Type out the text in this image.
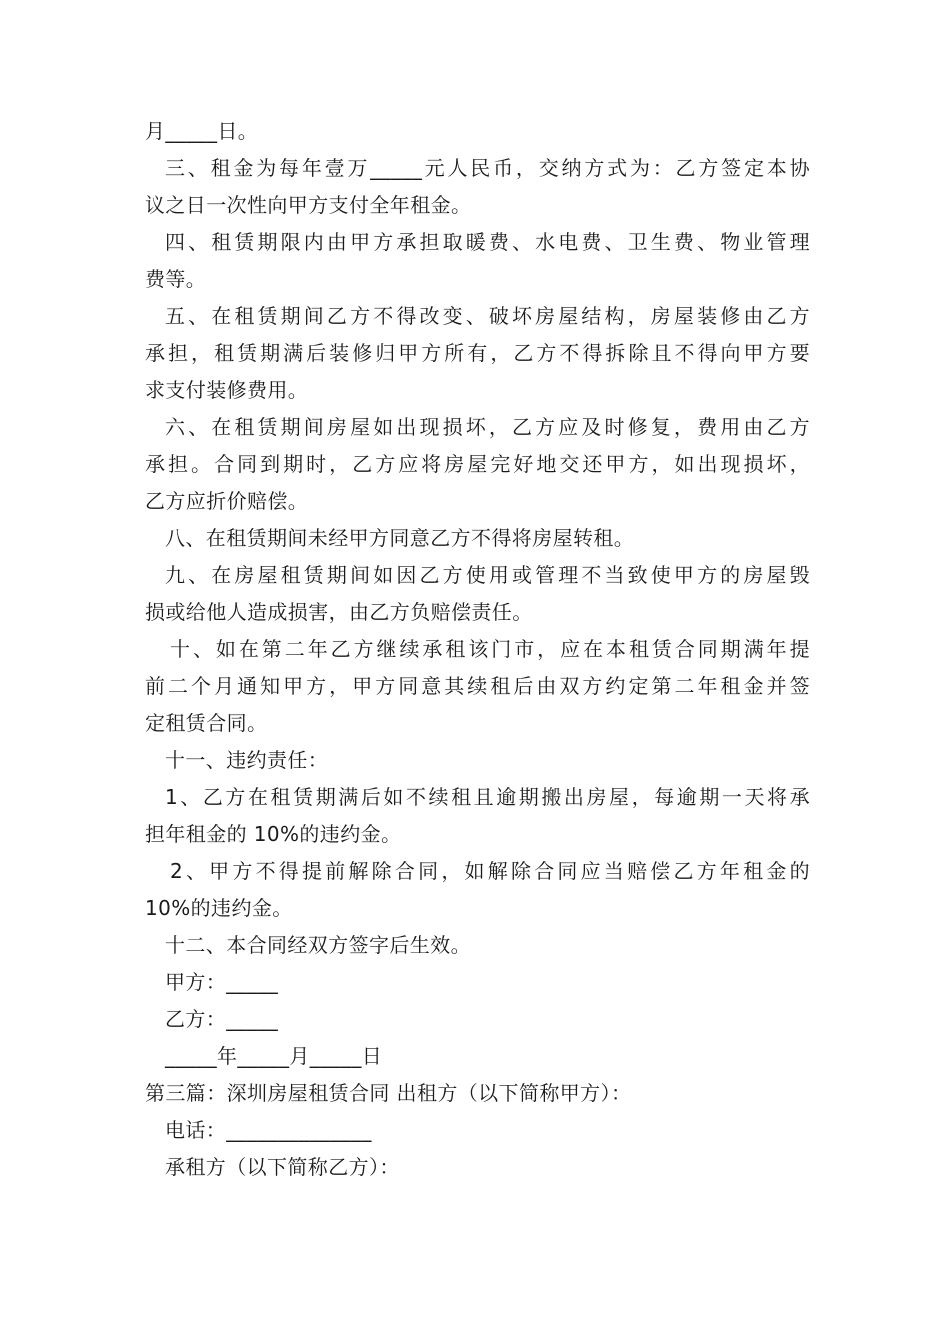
月_____日。
三、租金为每年壹万_____元人民币，交纳方式为：乙方签定本协
议之日一次性向甲方支付全年租金。
四、租赁期限内由甲方承担取暖费、水电费、卫生费、物业管理
费等。
五、在租赁期间乙方不得改变、破坏房屋结构，房屋装修由乙方
承担，租赁期满后装修归甲方所有，乙方不得拆除且不得向甲方要
求支付装修费用。
六、在租赁期间房屋如出现损坏，乙方应及时修复，费用由乙方
承担。合同到期时，乙方应将房屋完好地交还甲方，如出现损坏，
乙方应折价赔偿。
八、在租赁期间未经甲方同意乙方不得将房屋转租。
九、在房屋租赁期间如因乙方使用或管理不当致使甲方的房屋毁
损或给他人造成损害，由乙方负赔偿责任。
十、如在第二年乙方继续承租该门市，应在本租赁合同期满年提
前二个月通知甲方，甲方同意其续租后由双方约定第二年租金并签
定租赁合同。
十一、违约责任：
1、乙方在租赁期满后如不续租且逾期搬出房屋，每逾期一天将承
担年租金的 10%的违约金。
2、甲方不得提前解除合同，如解除合同应当赔偿乙方年租金的
10%的违约金。
十二、本合同经双方签字后生效。
甲方：_____
乙方：_____
_____年_____月_____日
第三篇：深圳房屋租赁合同 出租方（以下简称甲方）：
电话：______________
承租方（以下简称乙方）：
